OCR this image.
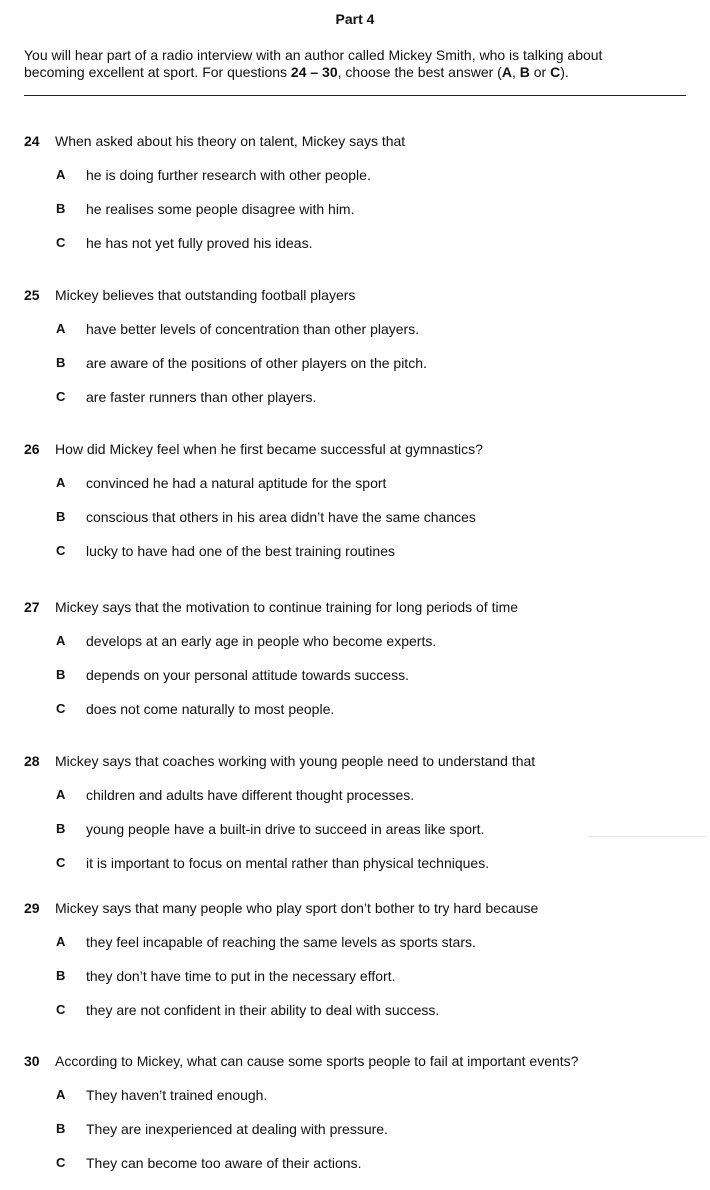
Part 4
You will hear part of a radio interview with an author called Mickey Smith, who is talking about
becoming excellent at sport. For questions 24 – 30, choose the best answer (A, B or C).
24 When asked about his theory on talent, Mickey says that
A he is doing further research with other people.
B he realises some people disagree with him.
C he has not yet fully proved his ideas.
25 Mickey believes that outstanding football players
A have better levels of concentration than other players.
B are aware of the positions of other players on the pitch.
C are faster runners than other players.
26 How did Mickey feel when he first became successful at gymnastics?
A convinced he had a natural aptitude for the sport
B conscious that others in his area didn’t have the same chances
C lucky to have had one of the best training routines
27 Mickey says that the motivation to continue training for long periods of time
A develops at an early age in people who become experts.
B depends on your personal attitude towards success.
C does not come naturally to most people.
28 Mickey says that coaches working with young people need to understand that
A children and adults have different thought processes.
B young people have a built-in drive to succeed in areas like sport.
C it is important to focus on mental rather than physical techniques.
29 Mickey says that many people who play sport don’t bother to try hard because
A they feel incapable of reaching the same levels as sports stars.
B they don’t have time to put in the necessary effort.
C they are not confident in their ability to deal with success.
30 According to Mickey, what can cause some sports people to fail at important events?
A They haven’t trained enough.
B They are inexperienced at dealing with pressure.
C They can become too aware of their actions.
